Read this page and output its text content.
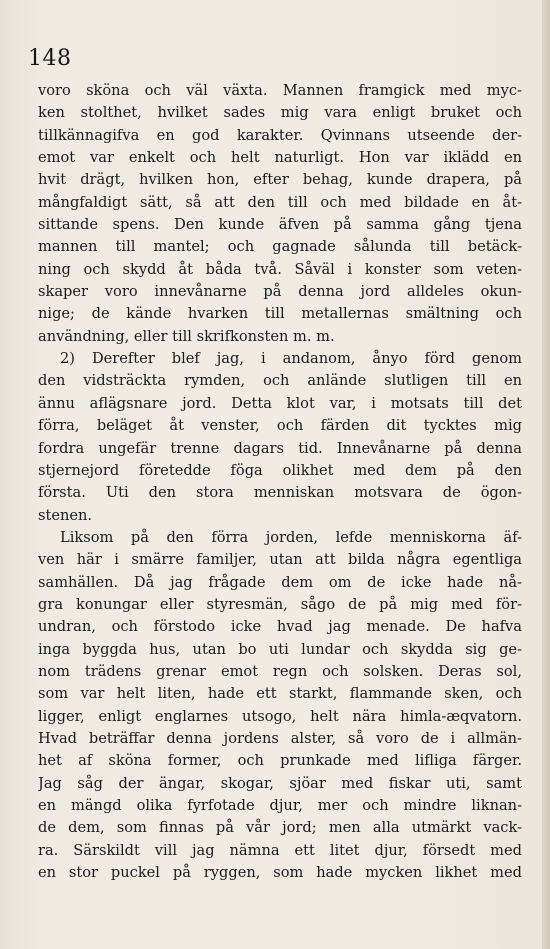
148
voro sköna och väl växta. Mannen framgick med myc-
ken stolthet, hvilket sades mig vara enligt bruket och
tillkännagifva en god karakter. Qvinnans utseende der-
emot var enkelt och helt naturligt. Hon var iklädd en
hvit drägt, hvilken hon, efter behag, kunde drapera, på
mångfaldigt sätt, så att den till och med bildade en åt-
sittande spens. Den kunde äfven på samma gång tjena
mannen till mantel; och gagnade sålunda till betäck-
ning och skydd åt båda två. Såväl i konster som veten-
skaper voro innevånarne på denna jord alldeles okun-
nige; de kände hvarken till metallernas smältning och
användning, eller till skrifkonsten m. m.
2) Derefter blef jag, i andanom, ånyo förd genom
den vidsträckta rymden, och anlände slutligen till en
ännu aflägsnare jord. Detta klot var, i motsats till det
förra, beläget åt venster, och färden dit tycktes mig
fordra ungefär trenne dagars tid. Innevånarne på denna
stjernejord företedde föga olikhet med dem på den
första. Uti den stora menniskan motsvara de ögon-
stenen.
Liksom på den förra jorden, lefde menniskorna äf-
ven här i smärre familjer, utan att bilda några egentliga
samhällen. Då jag frågade dem om de icke hade nå-
gra konungar eller styresmän, sågo de på mig med för-
undran, och förstodo icke hvad jag menade. De hafva
inga byggda hus, utan bo uti lundar och skydda sig ge-
nom trädens grenar emot regn och solsken. Deras sol,
som var helt liten, hade ett starkt, flammande sken, och
ligger, enligt englarnes utsogo, helt nära himla-æqvatorn.
Hvad beträffar denna jordens alster, så voro de i allmän-
het af sköna former, och prunkade med lifliga färger.
Jag såg der ängar, skogar, sjöar med fiskar uti, samt
en mängd olika fyrfotade djur, mer och mindre liknan-
de dem, som finnas på vår jord; men alla utmärkt vack-
ra. Särskildt vill jag nämna ett litet djur, försedt med
en stor puckel på ryggen, som hade mycken likhet med
